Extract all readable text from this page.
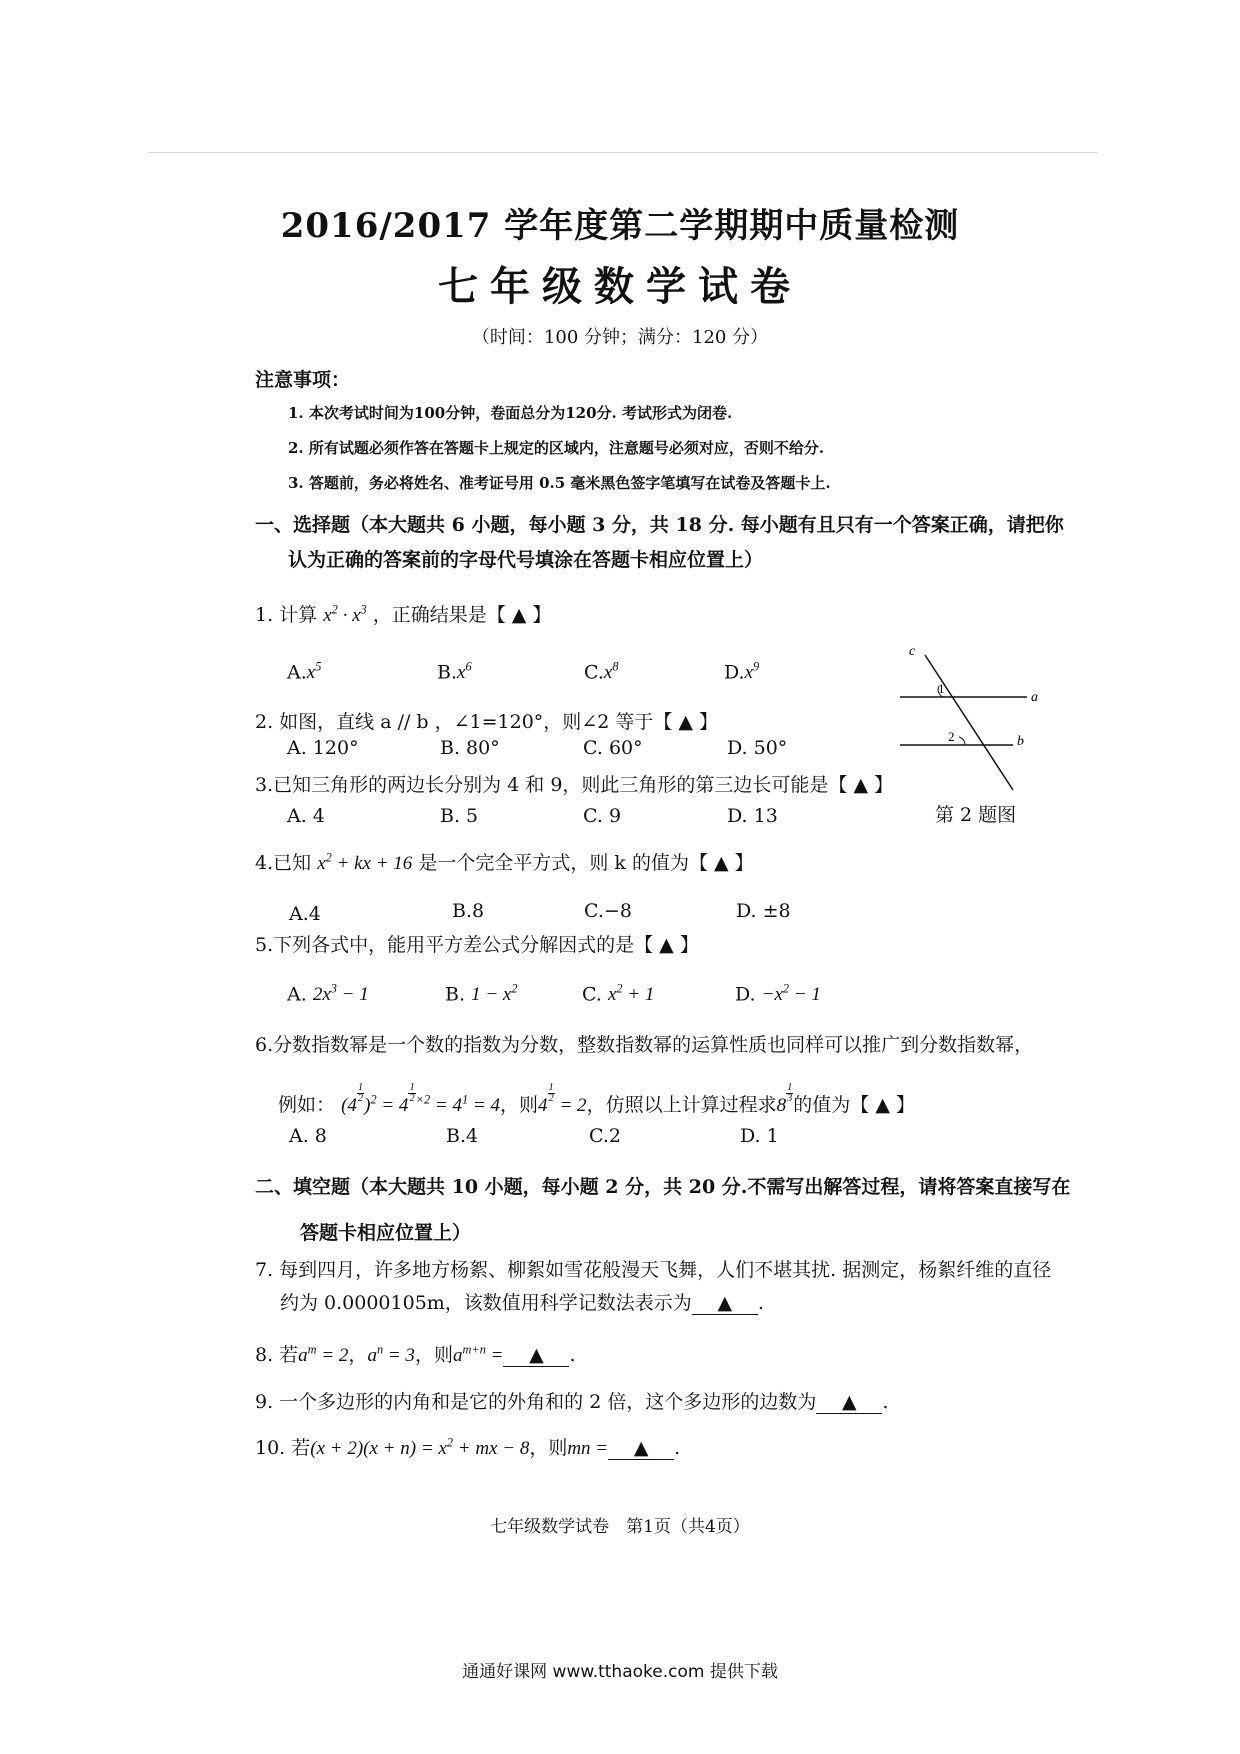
2016/2017 学年度第二学期期中质量检测
七年级数学试卷
（时间：100 分钟；满分：120 分）
注意事项：
1. 本次考试时间为100分钟，卷面总分为120分. 考试形式为闭卷.
2. 所有试题必须作答在答题卡上规定的区域内，注意题号必须对应，否则不给分.
3. 答题前，务必将姓名、准考证号用 0.5 毫米黑色签字笔填写在试卷及答题卡上.
一、选择题（本大题共 6 小题，每小题 3 分，共 18 分. 每小题有且只有一个答案正确，请把你
认为正确的答案前的字母代号填涂在答题卡相应位置上）
1. 计算 $x^2 \cdot x^3$ ，正确结果是【 ▲ 】
$A.x^5$	$B.x^6$	$C.x^8$	$D.x^9$
2. 如图，直线 a // b ，∠1=120°，则∠2 等于【 ▲ 】
A. 120°	B. 80°	C. 60°	D. 50°
3.已知三角形的两边长分别为 4 和 9，则此三角形的第三边长可能是【 ▲ 】
A. 4	B. 5	C. 9	D. 13
c
1
a
2	b
第 2 题图
4.已知 $x^2$ + kx + 16 是一个完全平方式，则 k 的值为【 ▲ 】
A.4	B.8	C.−8	D. ±8
5.下列各式中，能用平方差公式分解因式的是【 ▲ 】
A. $2x^3 - 1$	B. $1 - x^2$	C. $x^2 + 1$	D. $-x^2 - 1$
6.分数指数幂是一个数的指数为分数，整数指数幂的运算性质也同样可以推广到分数指数幂，
例如： (4
$\frac{1}{2}$
)$^2$ = 4
$\frac{1}{2} ^{\times 2} = 4^1 = 4$，则4
$\frac{1}{2}$
= 2，仿照以上计算过程求8
$\frac{1}{3}$ 的值为【 ▲ 】
A. 8	B.4	C.2	D. 1
二、填空题（本大题共 10 小题，每小题 2 分，共 20 分.不需写出解答过程，请将答案直接写在
答题卡相应位置上）
7. 每到四月，许多地方杨絮、柳絮如雪花般漫天飞舞，人们不堪其扰. 据测定，杨絮纤维的直径
约为 0.0000105m，该数值用科学记数法表示为 ▲ .
8. 若$a^m = 2$，$a^n = 3$，则$a^{m+n}$ = ▲ .
9. 一个多边形的内角和是它的外角和的 2 倍，这个多边形的边数为 ▲ .
10. 若$(x + 2)(x + n) = x^2$ + mx − 8，则mn = ▲ .
七年级数学试卷　第1页（共4页）
通通好课网 www.tthaoke.com 提供下载
